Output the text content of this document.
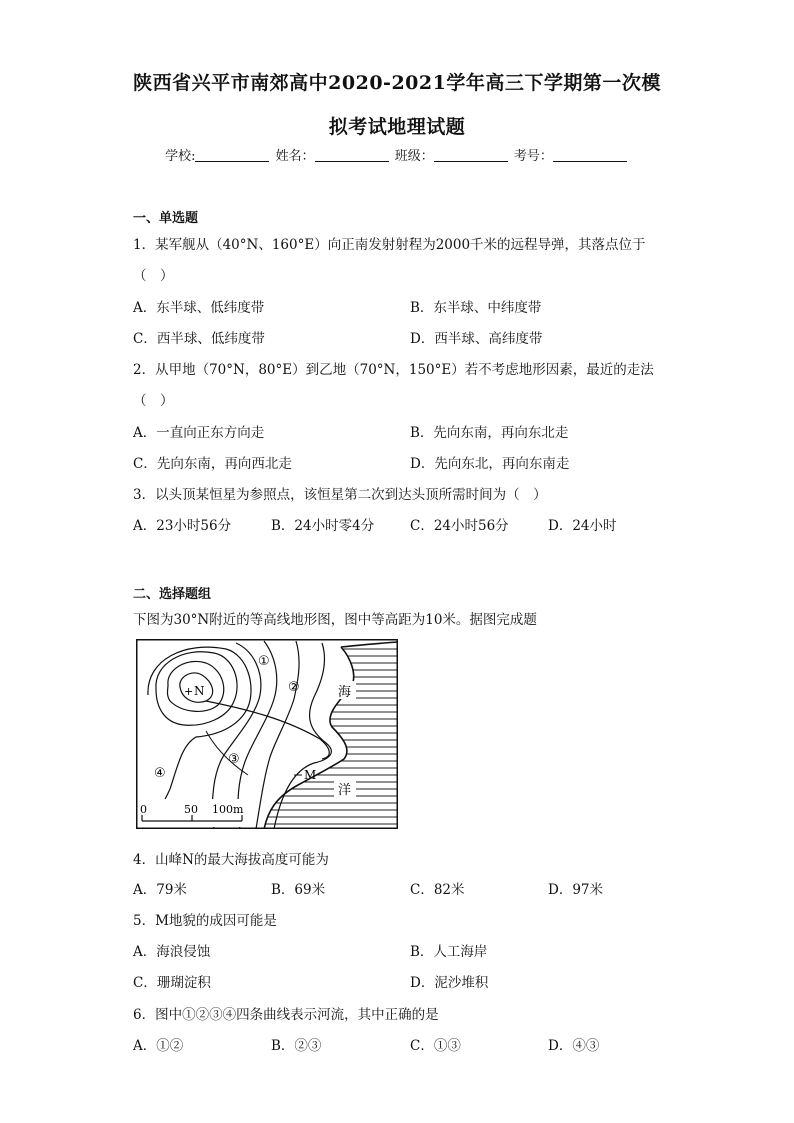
陕西省兴平市南郊高中2020-2021学年高三下学期第一次模
拟考试地理试题
学校:	姓名：	班级：	考号：
一、单选题
1．某军舰从（40°N、160°E）向正南发射射程为2000千米的远程导弹，其落点位于
（　）
A．东半球、低纬度带	B．东半球、中纬度带
C．西半球、低纬度带	D．西半球、高纬度带
2．从甲地（70°N，80°E）到乙地（70°N，150°E）若不考虑地形因素，最近的走法
（　）
A．一直向正东方向走	B．先向东南，再向东北走
C．先向东南，再向西北走	D．先向东北，再向东南走
3．以头顶某恒星为参照点，该恒星第二次到达头顶所需时间为（　）
A．23小时56分	B．24小时零4分	C．24小时56分	D．24小时
二、选择题组
下图为30°N附近的等高线地形图，图中等高距为10米。据图完成题
+ N
M
海
洋
①
②
③
④
0	50 100m
4．山峰N的最大海拔高度可能为
A．79米	B．69米	C．82米	D．97米
5．M地貌的成因可能是
A．海浪侵蚀	B．人工海岸
C．珊瑚淀积	D．泥沙堆积
6．图中①②③④四条曲线表示河流，其中正确的是
A．①②	B．②③	C．①③	D．④③
